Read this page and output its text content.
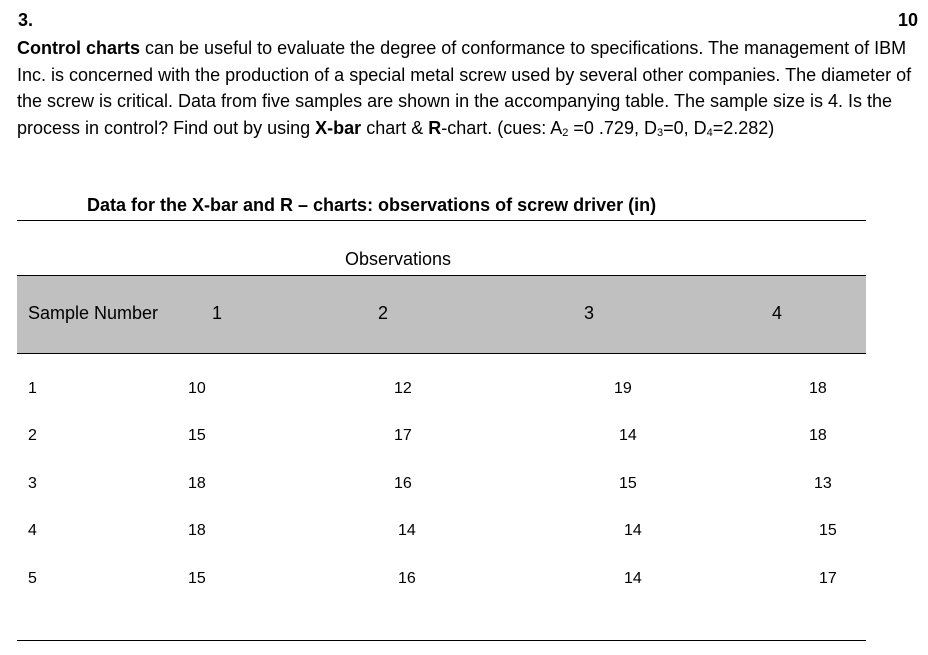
3.	10
Control charts can be useful to evaluate the degree of conformance to specifications. The management of IBM Inc. is concerned with the production of a special metal screw used by several other companies. The diameter of the screw is critical. Data from five samples are shown in the accompanying table. The sample size is 4. Is the process in control? Find out by using X-bar chart & R-chart. (cues: $A_2 =0$ .729, $D_3=0$, $D_4=2.282$)
Data for the X-bar and R – charts: observations of screw driver (in)
Observations
Sample Number	1	2	3	4
1	10	12	19	18
2	15	17	14	18
3	18	16	15	13
4	18	14	14	15
5	15	16	14	17
